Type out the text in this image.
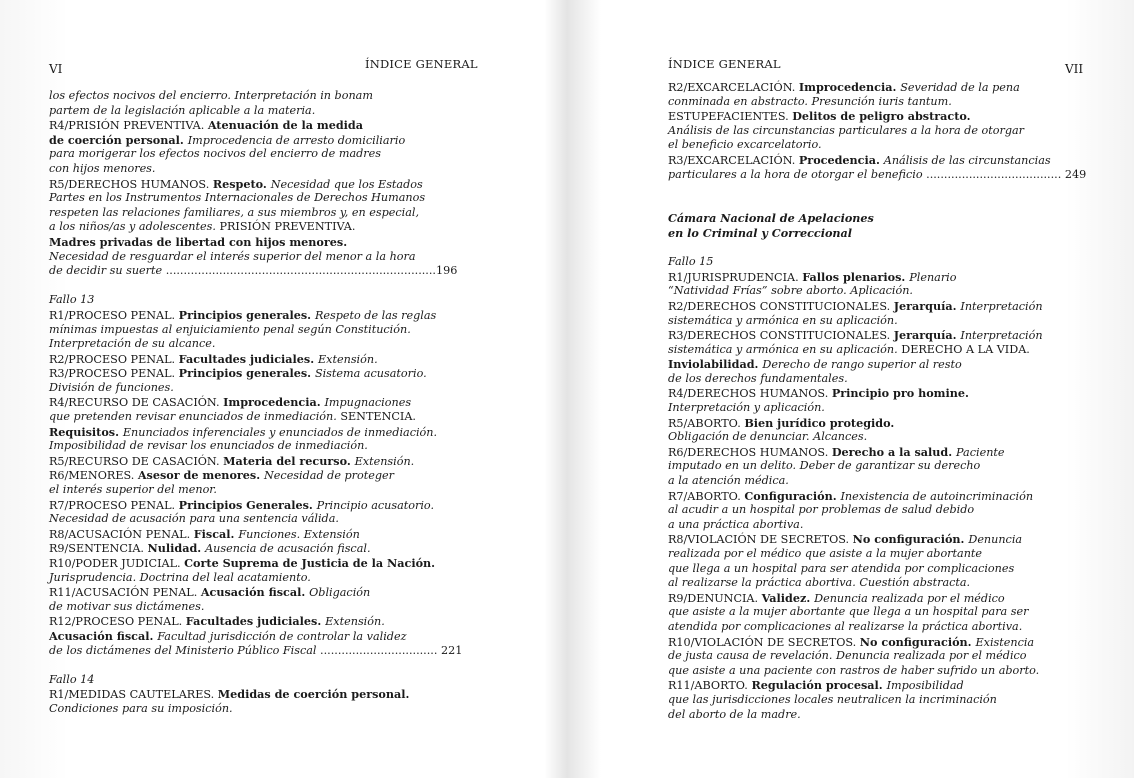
VI	ÍNDICE GENERAL
los efectos nocivos del encierro. Interpretación in bonam
partem de la legislación aplicable a la materia.
R4/PRISIÓN PREVENTIVA. Atenuación de la medida
de coerción personal. Improcedencia de arresto domiciliario
para morigerar los efectos nocivos del encierro de madres
con hijos menores.
R5/DERECHOS HUMANOS. Respeto. Necesidad que los Estados
Partes en los Instrumentos Internacionales de Derechos Humanos
respeten las relaciones familiares, a sus miembros y, en especial,
a los niños/as y adolescentes. PRISIÓN PREVENTIVA.
Madres privadas de libertad con hijos menores.
Necesidad de resguardar el interés superior del menor a la hora
de decidir su suerte ............................................................................196
Fallo 13
R1/PROCESO PENAL. Principios generales. Respeto de las reglas
mínimas impuestas al enjuiciamiento penal según Constitución.
Interpretación de su alcance.
R2/PROCESO PENAL. Facultades judiciales. Extensión.
R3/PROCESO PENAL. Principios generales. Sistema acusatorio.
División de funciones.
R4/RECURSO DE CASACIÓN. Improcedencia. Impugnaciones
que pretenden revisar enunciados de inmediación. SENTENCIA.
Requisitos. Enunciados inferenciales y enunciados de inmediación.
Imposibilidad de revisar los enunciados de inmediación.
R5/RECURSO DE CASACIÓN. Materia del recurso. Extensión.
R6/MENORES. Asesor de menores. Necesidad de proteger
el interés superior del menor.
R7/PROCESO PENAL. Principios Generales. Principio acusatorio.
Necesidad de acusación para una sentencia válida.
R8/ACUSACIÓN PENAL. Fiscal. Funciones. Extensión
R9/SENTENCIA. Nulidad. Ausencia de acusación fiscal.
R10/PODER JUDICIAL. Corte Suprema de Justicia de la Nación.
Jurisprudencia. Doctrina del leal acatamiento.
R11/ACUSACIÓN PENAL. Acusación fiscal. Obligación
de motivar sus dictámenes.
R12/PROCESO PENAL. Facultades judiciales. Extensión.
Acusación fiscal. Facultad jurisdicción de controlar la validez
de los dictámenes del Ministerio Público Fiscal ................................. 221
Fallo 14
R1/MEDIDAS CAUTELARES. Medidas de coerción personal.
Condiciones para su imposición.
ÍNDICE GENERAL	VII
R2/EXCARCELACIÓN. Improcedencia. Severidad de la pena
conminada en abstracto. Presunción iuris tantum.
ESTUPEFACIENTES. Delitos de peligro abstracto.
Análisis de las circunstancias particulares a la hora de otorgar
el beneficio excarcelatorio.
R3/EXCARCELACIÓN. Procedencia. Análisis de las circunstancias
particulares a la hora de otorgar el beneficio ...................................... 249
Cámara Nacional de Apelaciones
en lo Criminal y Correccional
Fallo 15
R1/JURISPRUDENCIA. Fallos plenarios. Plenario
“Natividad Frías” sobre aborto. Aplicación.
R2/DERECHOS CONSTITUCIONALES. Jerarquía. Interpretación
sistemática y armónica en su aplicación.
R3/DERECHOS CONSTITUCIONALES. Jerarquía. Interpretación
sistemática y armónica en su aplicación. DERECHO A LA VIDA.
Inviolabilidad. Derecho de rango superior al resto
de los derechos fundamentales.
R4/DERECHOS HUMANOS. Principio pro homine.
Interpretación y aplicación.
R5/ABORTO. Bien jurídico protegido.
Obligación de denunciar. Alcances.
R6/DERECHOS HUMANOS. Derecho a la salud. Paciente
imputado en un delito. Deber de garantizar su derecho
a la atención médica.
R7/ABORTO. Configuración. Inexistencia de autoincriminación
al acudir a un hospital por problemas de salud debido
a una práctica abortiva.
R8/VIOLACIÓN DE SECRETOS. No configuración. Denuncia
realizada por el médico que asiste a la mujer abortante
que llega a un hospital para ser atendida por complicaciones
al realizarse la práctica abortiva. Cuestión abstracta.
R9/DENUNCIA. Validez. Denuncia realizada por el médico
que asiste a la mujer abortante que llega a un hospital para ser
atendida por complicaciones al realizarse la práctica abortiva.
R10/VIOLACIÓN DE SECRETOS. No configuración. Existencia
de justa causa de revelación. Denuncia realizada por el médico
que asiste a una paciente con rastros de haber sufrido un aborto.
R11/ABORTO. Regulación procesal. Imposibilidad
que las jurisdicciones locales neutralicen la incriminación
del aborto de la madre.
